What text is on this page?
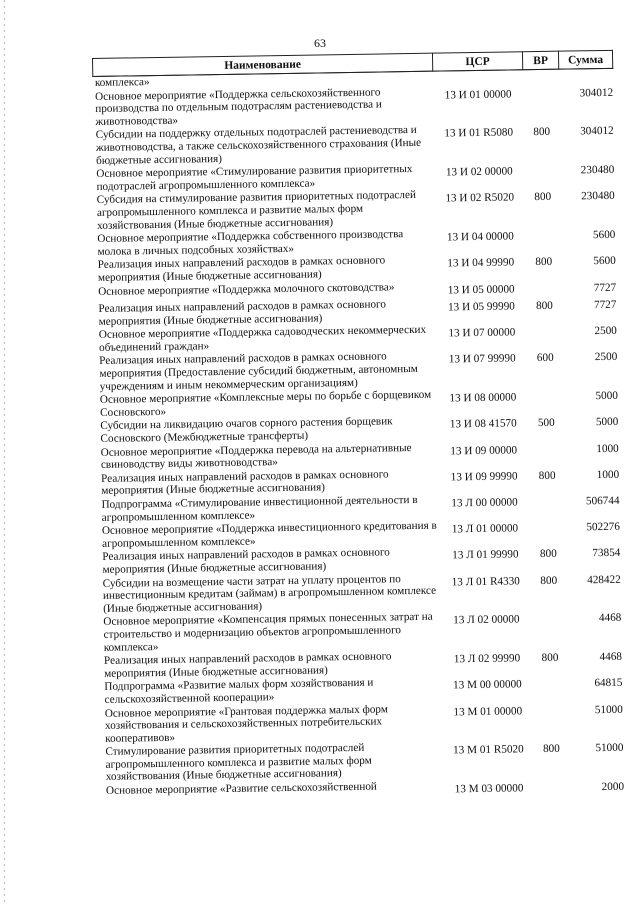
63
Наименование	ЦСР	ВР	Сумма
комплекса»			
Основное мероприятие «Поддержка сельскохозяйственного производства по отдельным подотраслям растениеводства и животноводства»	13 И 01 00000		304012
Субсидии на поддержку отдельных подотраслей растениеводства и животноводства, а также сельскохозяйственного страхования (Иные бюджетные ассигнования)	13 И 01 R5080	800	304012
Основное мероприятие «Стимулирование развития приоритетных подотраслей агропромышленного комплекса»	13 И 02 00000		230480
Субсидия на стимулирование развития приоритетных подотраслей агропромышленного комплекса и развитие малых форм хозяйствования (Иные бюджетные ассигнования)	13 И 02 R5020	800	230480
Основное мероприятие «Поддержка собственного производства молока в личных подсобных хозяйствах»	13 И 04 00000		5600
Реализация иных направлений расходов в рамках основного мероприятия (Иные бюджетные ассигнования)	13 И 04 99990	800	5600
Основное мероприятие «Поддержка молочного скотоводства»	13 И 05 00000		7727
Реализация иных направлений расходов в рамках основного мероприятия (Иные бюджетные ассигнования)	13 И 05 99990	800	7727
Основное мероприятие «Поддержка садоводческих некоммерческих объединений граждан»	13 И 07 00000		2500
Реализация иных направлений расходов в рамках основного мероприятия (Предоставление субсидий бюджетным, автономным учреждениям и иным некоммерческим организациям)	13 И 07 99990	600	2500
Основное мероприятие «Комплексные меры по борьбе с борщевиком Сосновского»	13 И 08 00000		5000
Субсидии на ликвидацию очагов сорного растения борщевик Сосновского (Межбюджетные трансферты)	13 И 08 41570	500	5000
Основное мероприятие «Поддержка перевода на альтернативные свиноводству виды животноводства»	13 И 09 00000		1000
Реализация иных направлений расходов в рамках основного мероприятия (Иные бюджетные ассигнования)	13 И 09 99990	800	1000
Подпрограмма «Стимулирование инвестиционной деятельности в агропромышленном комплексе»	13 Л 00 00000		506744
Основное мероприятие «Поддержка инвестиционного кредитования в агропромышленном комплексе»	13 Л 01 00000		502276
Реализация иных направлений расходов в рамках основного мероприятия (Иные бюджетные ассигнования)	13 Л 01 99990	800	73854
Субсидии на возмещение части затрат на уплату процентов по инвестиционным кредитам (займам) в агропромышленном комплексе (Иные бюджетные ассигнования)	13 Л 01 R4330	800	428422
Основное мероприятие «Компенсация прямых понесенных затрат на строительство и модернизацию объектов агропромышленного комплекса»	13 Л 02 00000		4468
Реализация иных направлений расходов в рамках основного мероприятия (Иные бюджетные ассигнования)	13 Л 02 99990	800	4468
Подпрограмма «Развитие малых форм хозяйствования и сельскохозяйственной кооперации»	13 М 00 00000		64815
Основное мероприятие «Грантовая поддержка малых форм хозяйствования и сельскохозяйственных потребительских кооперативов»	13 М 01 00000		51000
Стимулирование развития приоритетных подотраслей агропромышленного комплекса и развитие малых форм хозяйствования (Иные бюджетные ассигнования)	13 М 01 R5020	800	51000
Основное мероприятие «Развитие сельскохозяйственной	13 М 03 00000		2000
